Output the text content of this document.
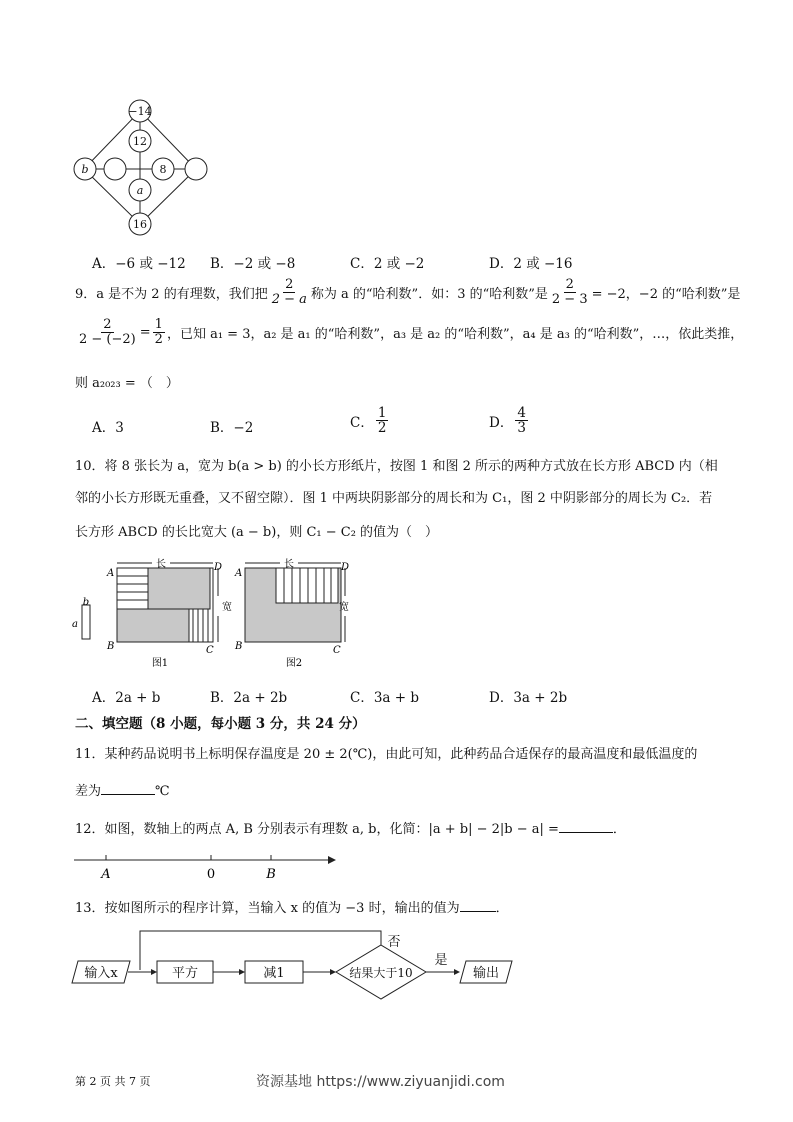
−14
12
b	8
a
16
A．−6 或 −12 B．−2 或 −8	C．2 或 −2	D．2 或 −16
9． a 是不为 2 的有理数，我们把 $\frac{2}{2 - a}$ 称为 a 的“哈利数”．如：3 的“哈利数”是 $\frac{2}{2 - 3} = -2$，−2 的“哈利数”是
$\frac{2}{2 - (-2)} = \frac{1}{2}$ ，已知 a₁ = 3，a₂ 是 a₁ 的“哈利数”，a₃ 是 a₂ 的“哈利数”，a₄ 是 a₃ 的“哈利数”，…，依此类推，
则 a₂₀₂₃ = （　）
A．3	B．−2	C． $\frac{1}{2}$	D． $\frac{4}{3}$
10．将 8 张长为 a，宽为 b(a > b) 的小长方形纸片，按图 1 和图 2 所示的两种方式放在长方形 ABCD 内（相
邻的小长方形既无重叠，又不留空隙）．图 1 中两块阴影部分的周长和为 C₁，图 2 中阴影部分的周长为 C₂．若
长方形 ABCD 的长比宽大 (a − b)，则 C₁ − C₂ 的值为（　）
b
a
长
宽
A
D
B	C
图1
长
宽
A
D
B	C
图2
A．2a + b	B．2a + 2b	C．3a + b	D．3a + 2b
二、填空题（8 小题，每小题 3 分，共 24 分）
11．某种药品说明书上标明保存温度是 20 ± 2(℃)，由此可知，此种药品合适保存的最高温度和最低温度的
差为	℃
12．如图，数轴上的两点 A, B 分别表示有理数 a, b，化简：|a + b| − 2|b − a| =	．
A	0	B
13．按如图所示的程序计算，当输入 x 的值为 −3 时，输出的值为	．
输入x	平方	减1	结果大于10	输出
否
是
第 2 页 共 7 页	资源基地 https://www.ziyuanjidi.com
